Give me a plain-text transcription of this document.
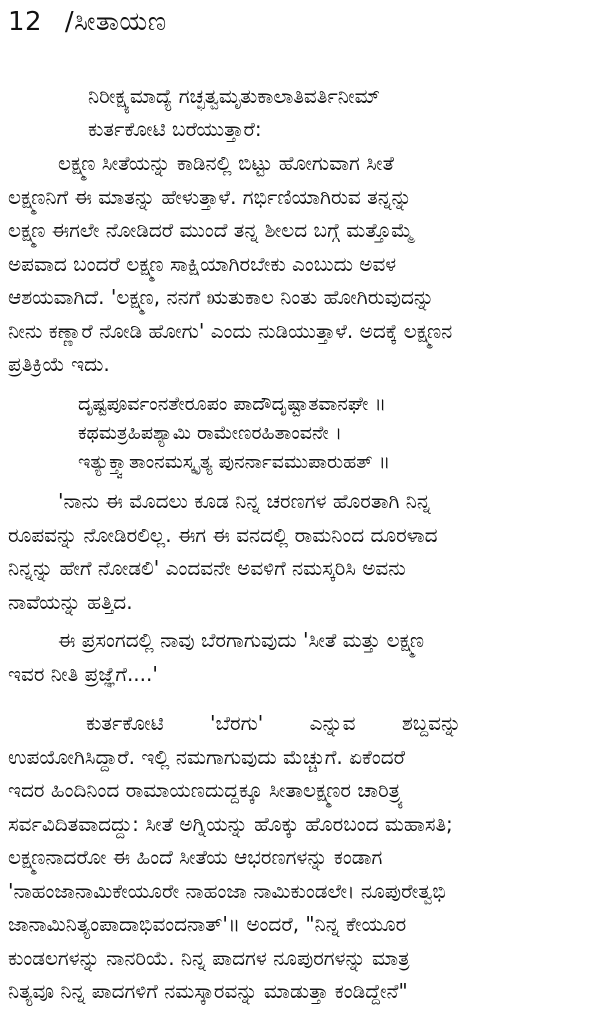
12 /ಸೀತಾಯಣ
ನಿರೀಕ್ಷ್ಯಮಾದ್ಯೆ ಗಚ್ಛತ್ವಮೃತುಕಾಲಾತಿವರ್ತಿನೀಮ್
ಕುರ್ತಕೋಟಿ ಬರೆಯುತ್ತಾರೆ:
ಲಕ್ಷ್ಮಣ ಸೀತೆಯನ್ನು ಕಾಡಿನಲ್ಲಿ ಬಿಟ್ಟು ಹೋಗುವಾಗ ಸೀತೆ
ಲಕ್ಷ್ಮಣನಿಗೆ ಈ ಮಾತನ್ನು ಹೇಳುತ್ತಾಳೆ. ಗರ್ಭಿಣಿಯಾಗಿರುವ ತನ್ನನ್ನು
ಲಕ್ಷ್ಮಣ ಈಗಲೇ ನೋಡಿದರೆ ಮುಂದೆ ತನ್ನ ಶೀಲದ ಬಗ್ಗೆ ಮತ್ತೊಮ್ಮೆ
ಅಪವಾದ ಬಂದರೆ ಲಕ್ಷ್ಮಣ ಸಾಕ್ಷಿಯಾಗಿರಬೇಕು ಎಂಬುದು ಅವಳ
ಆಶಯವಾಗಿದೆ. 'ಲಕ್ಷ್ಮಣ, ನನಗೆ ಋತುಕಾಲ ನಿಂತು ಹೋಗಿರುವುದನ್ನು
ನೀನು ಕಣ್ಣಾರೆ ನೋಡಿ ಹೋಗು' ಎಂದು ನುಡಿಯುತ್ತಾಳೆ. ಅದಕ್ಕೆ ಲಕ್ಷ್ಮಣನ
ಪ್ರತಿಕ್ರಿಯೆ ಇದು.
ದೃಷ್ಟಪೂರ್ವಂನತೇರೂಪಂ ಪಾದೌದೃಷ್ಟಾತವಾನಘೇ ॥
ಕಥಮತ್ರಹಿಪಶ್ಯಾಮಿ ರಾಮೇಣರಹಿತಾಂವನೇ ।
ಇತ್ಯುಕ್ತ್ವಾತಾಂನಮಸ್ಕೃತ್ಯ ಪುನರ್ನಾವಮುಪಾರುಹತ್ ॥
'ನಾನು ಈ ಮೊದಲು ಕೂಡ ನಿನ್ನ ಚರಣಗಳ ಹೊರತಾಗಿ ನಿನ್ನ
ರೂಪವನ್ನು ನೋಡಿರಲಿಲ್ಲ. ಈಗ ಈ ವನದಲ್ಲಿ ರಾಮನಿಂದ ದೂರಳಾದ
ನಿನ್ನನ್ನು ಹೇಗೆ ನೋಡಲಿ' ಎಂದವನೇ ಅವಳಿಗೆ ನಮಸ್ಕರಿಸಿ ಅವನು
ನಾವೆಯನ್ನು ಹತ್ತಿದ.
ಈ ಪ್ರಸಂಗದಲ್ಲಿ ನಾವು ಬೆರಗಾಗುವುದು 'ಸೀತೆ ಮತ್ತು ಲಕ್ಷ್ಮಣ
ಇವರ ನೀತಿ ಪ್ರಜ್ಞೆಗೆ....'
ಕುರ್ತಕೋಟಿ 'ಬೆರಗು' ಎನ್ನುವ ಶಬ್ದವನ್ನು
ಉಪಯೋಗಿಸಿದ್ದಾರೆ. ಇಲ್ಲಿ ನಮಗಾಗುವುದು ಮೆಚ್ಚುಗೆ. ಏಕೆಂದರೆ
ಇದರ ಹಿಂದಿನಿಂದ ರಾಮಾಯಣದುದ್ದಕ್ಕೂ ಸೀತಾಲಕ್ಷ್ಮಣರ ಚಾರಿತ್ರ್ಯ
ಸರ್ವವಿದಿತವಾದದ್ದು: ಸೀತೆ ಅಗ್ನಿಯನ್ನು ಹೊಕ್ಕು ಹೊರಬಂದ ಮಹಾಸತಿ;
ಲಕ್ಷ್ಮಣನಾದರೋ ಈ ಹಿಂದೆ ಸೀತೆಯ ಆಭರಣಗಳನ್ನು ಕಂಡಾಗ
'ನಾಹಂಜಾನಾಮಿಕೇಯೂರೇ ನಾಹಂಜಾ ನಾಮಿಕುಂಡಲೇ। ನೂಪುರೇತ್ವಭಿ
ಜಾನಾಮಿನಿತ್ಯಂಪಾದಾಭಿವಂದನಾತ್'॥ ಅಂದರೆ, "ನಿನ್ನ ಕೇಯೂರ
ಕುಂಡಲಗಳನ್ನು ನಾನರಿಯೆ. ನಿನ್ನ ಪಾದಗಳ ನೂಪುರಗಳನ್ನು ಮಾತ್ರ
ನಿತ್ಯವೂ ನಿನ್ನ ಪಾದಗಳಿಗೆ ನಮಸ್ಕಾರವನ್ನು ಮಾಡುತ್ತಾ ಕಂಡಿದ್ದೇನೆ"
